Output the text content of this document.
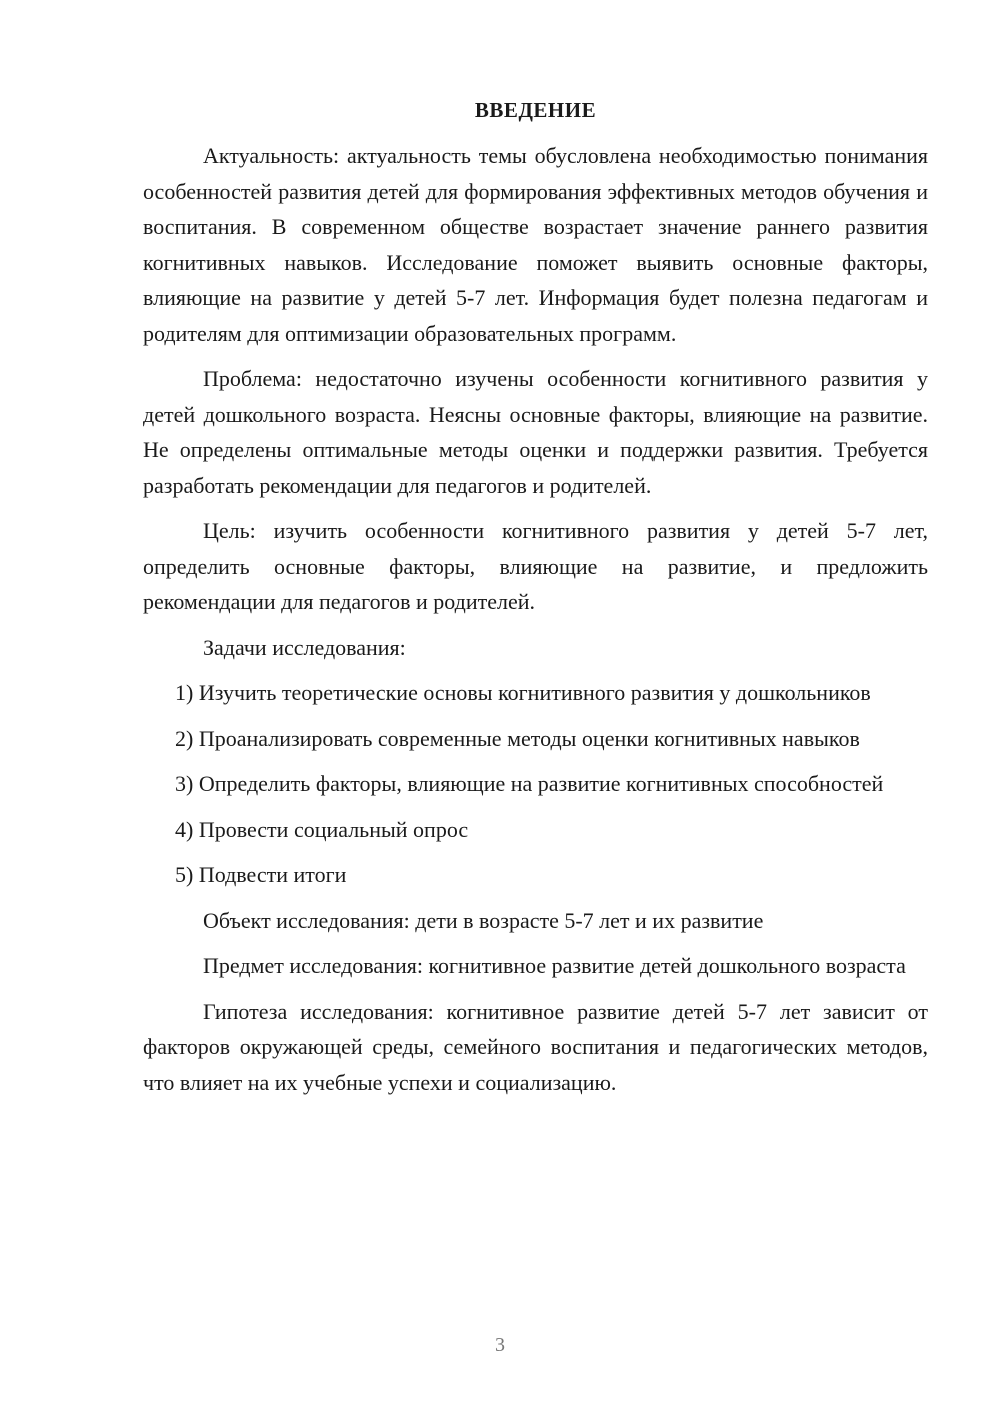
ВВЕДЕНИЕ

Актуальность: актуальность темы обусловлена необходимостью понимания особенностей развития детей для формирования эффективных методов обучения и воспитания. В современном обществе возрастает значение раннего развития когнитивных навыков. Исследование поможет выявить основные факторы, влияющие на развитие у детей 5-7 лет. Информация будет полезна педагогам и родителям для оптимизации образовательных программ.

Проблема: недостаточно изучены особенности когнитивного развития у детей дошкольного возраста. Неясны основные факторы, влияющие на развитие. Не определены оптимальные методы оценки и поддержки развития. Требуется разработать рекомендации для педагогов и родителей.

Цель: изучить особенности когнитивного развития у детей 5-7 лет, определить основные факторы, влияющие на развитие, и предложить рекомендации для педагогов и родителей.

Задачи исследования:

1) Изучить теоретические основы когнитивного развития у дошкольников

2) Проанализировать современные методы оценки когнитивных навыков

3) Определить факторы, влияющие на развитие когнитивных способностей

4) Провести социальный опрос

5) Подвести итоги

Объект исследования: дети в возрасте 5-7 лет и их развитие

Предмет исследования: когнитивное развитие детей дошкольного возраста

Гипотеза исследования: когнитивное развитие детей 5-7 лет зависит от факторов окружающей среды, семейного воспитания и педагогических методов, что влияет на их учебные успехи и социализацию.

3
